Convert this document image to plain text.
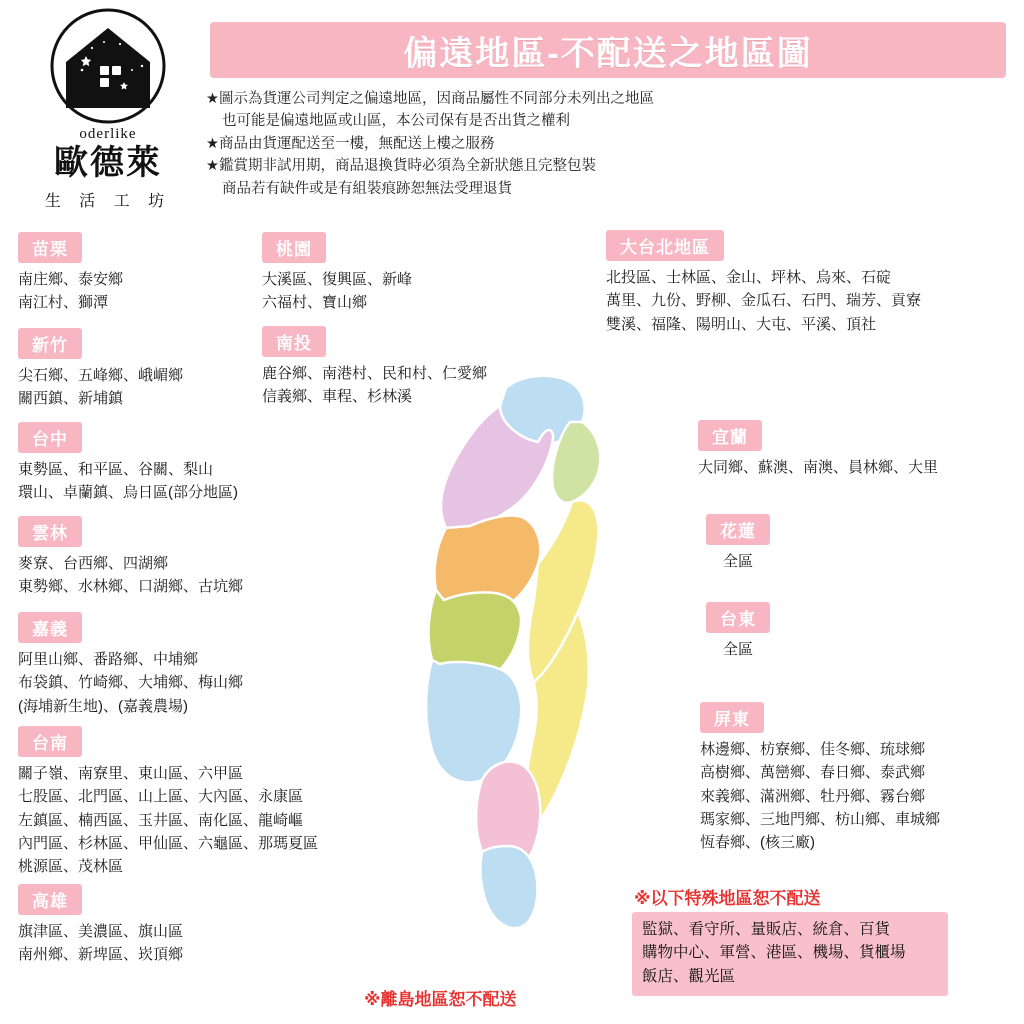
oderlike
歐德萊
生 活 工 坊
偏遠地區-不配送之地區圖
★圖示為貨運公司判定之偏遠地區，因商品屬性不同部分未列出之地區
也可能是偏遠地區或山區，本公司保有是否出貨之權利
★商品由貨運配送至一樓，無配送上樓之服務
★鑑賞期非試用期，商品退換貨時必須為全新狀態且完整包裝
商品若有缺件或是有組裝痕跡恕無法受理退貨
苗栗
南庄鄉、泰安鄉
南江村、獅潭
新竹
尖石鄉、五峰鄉、峨嵋鄉
關西鎮、新埔鎮
台中
東勢區、和平區、谷關、梨山
環山、卓蘭鎮、烏日區(部分地區)
雲林
麥寮、台西鄉、四湖鄉
東勢鄉、水林鄉、口湖鄉、古坑鄉
嘉義
阿里山鄉、番路鄉、中埔鄉
布袋鎮、竹崎鄉、大埔鄉、梅山鄉
(海埔新生地)、(嘉義農場)
台南
關子嶺、南寮里、東山區、六甲區
七股區、北門區、山上區、大內區、永康區
左鎮區、楠西區、玉井區、南化區、龍崎嶇
內門區、杉林區、甲仙區、六龜區、那瑪夏區
桃源區、茂林區
高雄
旗津區、美濃區、旗山區
南州鄉、新埤區、崁頂鄉
桃園
大溪區、復興區、新峰
六福村、寶山鄉
南投
鹿谷鄉、南港村、民和村、仁愛鄉
信義鄉、車程、杉林溪
大台北地區
北投區、士林區、金山、坪林、烏來、石碇
萬里、九份、野柳、金瓜石、石門、瑞芳、貢寮
雙溪、福隆、陽明山、大屯、平溪、頂社
宜蘭
大同鄉、蘇澳、南澳、員林鄉、大里
花蓮
全區
台東
全區
屏東
林邊鄉、枋寮鄉、佳冬鄉、琉球鄉
高樹鄉、萬巒鄉、春日鄉、泰武鄉
來義鄉、滿洲鄉、牡丹鄉、霧台鄉
瑪家鄉、三地門鄉、枋山鄉、車城鄉
恆春鄉、(核三廠)
※離島地區恕不配送
※以下特殊地區恕不配送
監獄、看守所、量販店、統倉、百貨
購物中心、軍營、港區、機場、貨櫃場
飯店、觀光區
